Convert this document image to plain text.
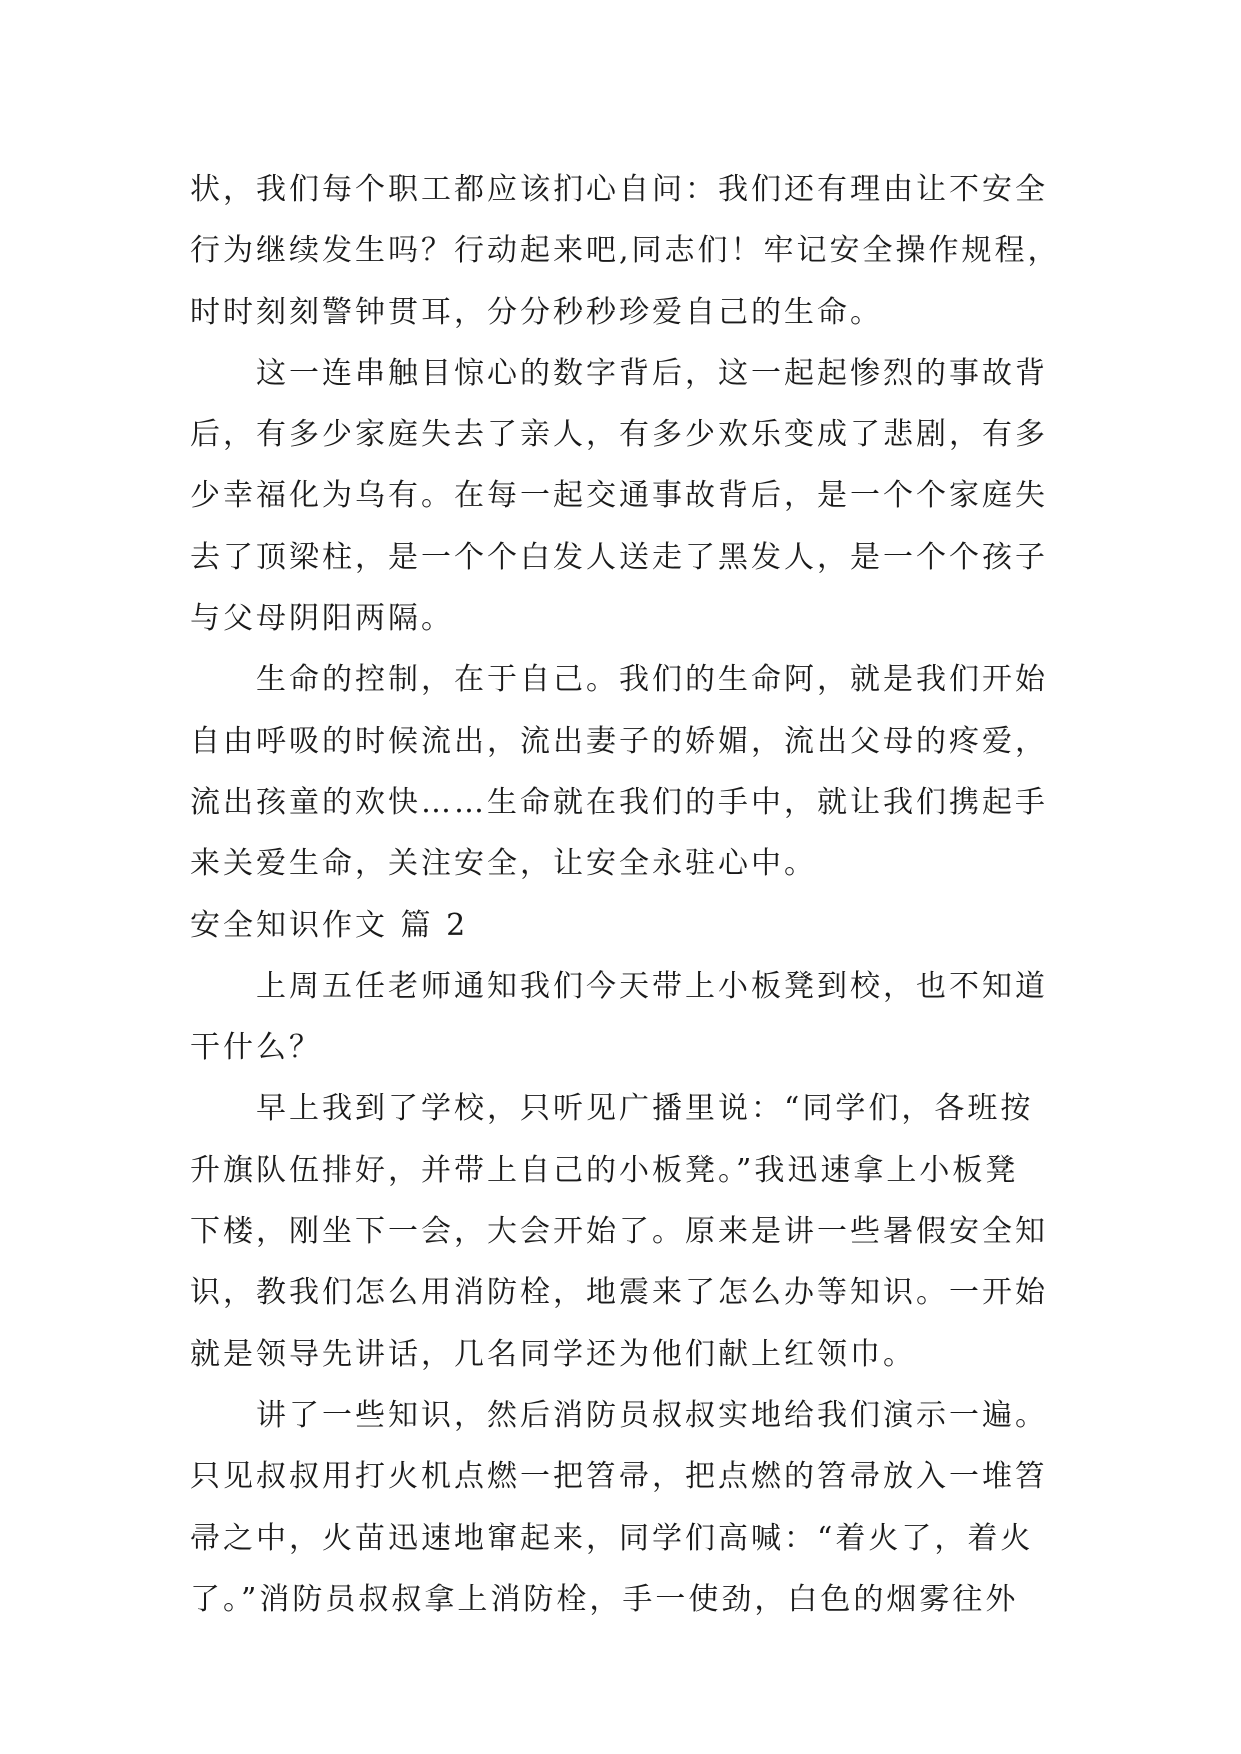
状，我们每个职工都应该扪心自问：我们还有理由让不安全
行为继续发生吗？行动起来吧,同志们！牢记安全操作规程，
时时刻刻警钟贯耳，分分秒秒珍爱自己的生命。
这一连串触目惊心的数字背后，这一起起惨烈的事故背
后，有多少家庭失去了亲人，有多少欢乐变成了悲剧，有多
少幸福化为乌有。在每一起交通事故背后，是一个个家庭失
去了顶梁柱，是一个个白发人送走了黑发人，是一个个孩子
与父母阴阳两隔。
生命的控制，在于自己。我们的生命阿，就是我们开始
自由呼吸的时候流出，流出妻子的娇媚，流出父母的疼爱，
流出孩童的欢快……生命就在我们的手中，就让我们携起手
来关爱生命，关注安全，让安全永驻心中。
安全知识作文 篇 2
上周五任老师通知我们今天带上小板凳到校，也不知道
干什么？
早上我到了学校，只听见广播里说：“同学们，各班按
升旗队伍排好，并带上自己的小板凳。”我迅速拿上小板凳
下楼，刚坐下一会，大会开始了。原来是讲一些暑假安全知
识，教我们怎么用消防栓，地震来了怎么办等知识。一开始
就是领导先讲话，几名同学还为他们献上红领巾。
讲了一些知识，然后消防员叔叔实地给我们演示一遍。
只见叔叔用打火机点燃一把笤帚，把点燃的笤帚放入一堆笤
帚之中，火苗迅速地窜起来，同学们高喊：“着火了，着火
了。”消防员叔叔拿上消防栓，手一使劲，白色的烟雾往外
